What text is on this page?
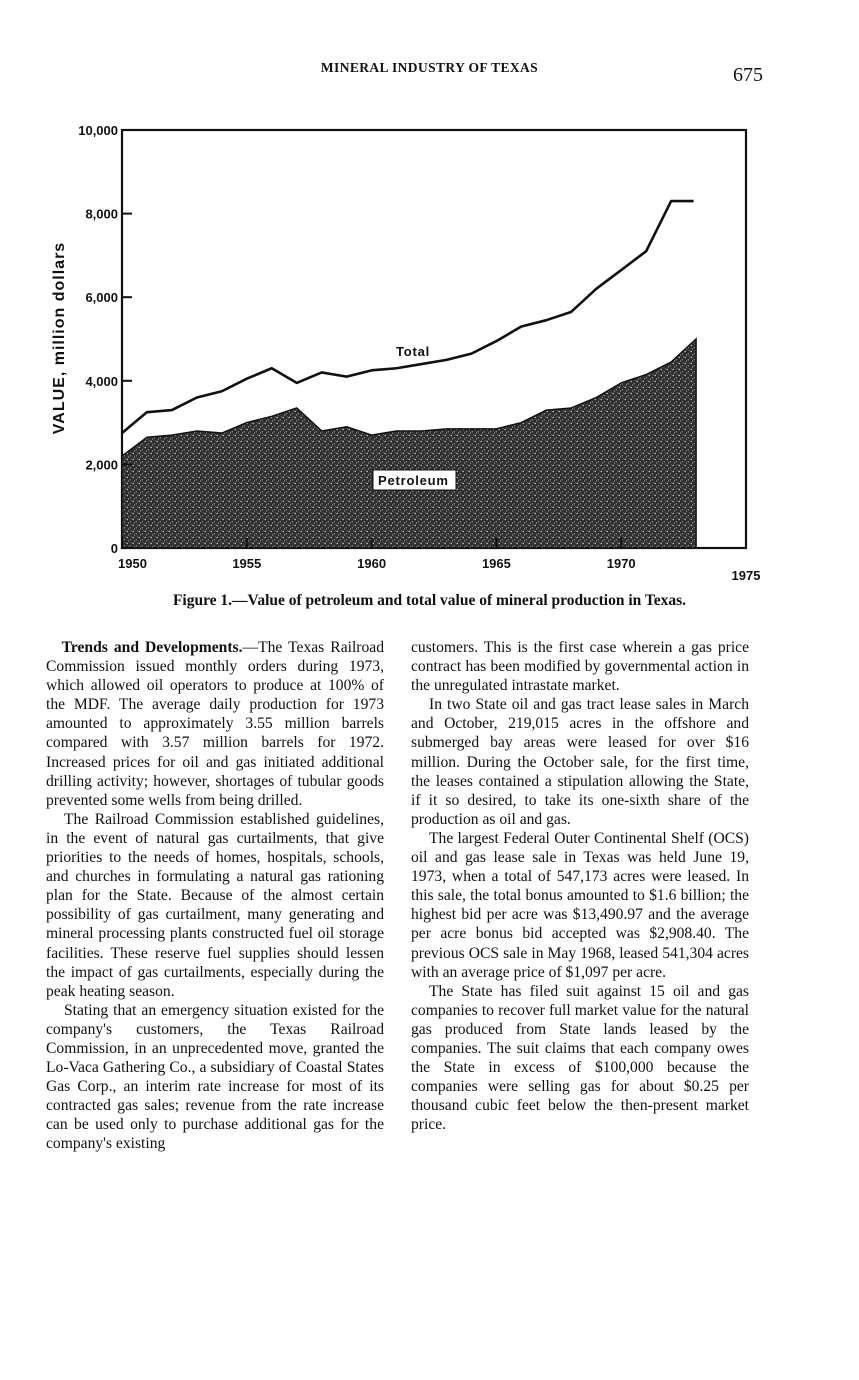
MINERAL INDUSTRY OF TEXAS	675
0
2,000
4,000
6,000
8,000
10,000
1950	1955	1960	1965	1970
1975
VALUE, million dollars	Total
Petroleum
Figure 1.—Value of petroleum and total value of mineral production in Texas.

 Trends and Developments.—The Texas Railroad Commission issued monthly orders during 1973, which allowed oil operators to produce at 100% of the MDF. The average daily production for 1973 amounted to approximately 3.55 million barrels compared with 3.57 million barrels for 1972. Increased prices for oil and gas initiated additional drilling activity; however, shortages of tubular goods prevented some wells from being drilled.

The Railroad Commission established guidelines, in the event of natural gas curtailments, that give priorities to the needs of homes, hospitals, schools, and churches in formulating a natural gas rationing plan for the State. Because of the almost certain possibility of gas curtailment, many generating and mineral processing plants constructed fuel oil storage facilities. These reserve fuel supplies should lessen the impact of gas curtailments, especially during the peak heating season.

Stating that an emergency situation existed for the company's customers, the Texas Railroad Commission, in an unprecedented move, granted the Lo-Vaca Gathering Co., a subsidiary of Coastal States Gas Corp., an interim rate increase for most of its contracted gas sales; revenue from the rate increase can be used only to purchase additional gas for the company's existing

customers. This is the first case wherein a gas price contract has been modified by governmental action in the unregulated intrastate market.

In two State oil and gas tract lease sales in March and October, 219,015 acres in the offshore and submerged bay areas were leased for over $16 million. During the October sale, for the first time, the leases contained a stipulation allowing the State, if it so desired, to take its one-sixth share of the production as oil and gas.

The largest Federal Outer Continental Shelf (OCS) oil and gas lease sale in Texas was held June 19, 1973, when a total of 547,173 acres were leased. In this sale, the total bonus amounted to $1.6 billion; the highest bid per acre was $13,490.97 and the average per acre bonus bid accepted was $2,908.40. The previous OCS sale in May 1968, leased 541,304 acres with an average price of $1,097 per acre.

The State has filed suit against 15 oil and gas companies to recover full market value for the natural gas produced from State lands leased by the companies. The suit claims that each company owes the State in excess of $100,000 because the companies were selling gas for about $0.25 per thousand cubic feet below the then-present market price.
